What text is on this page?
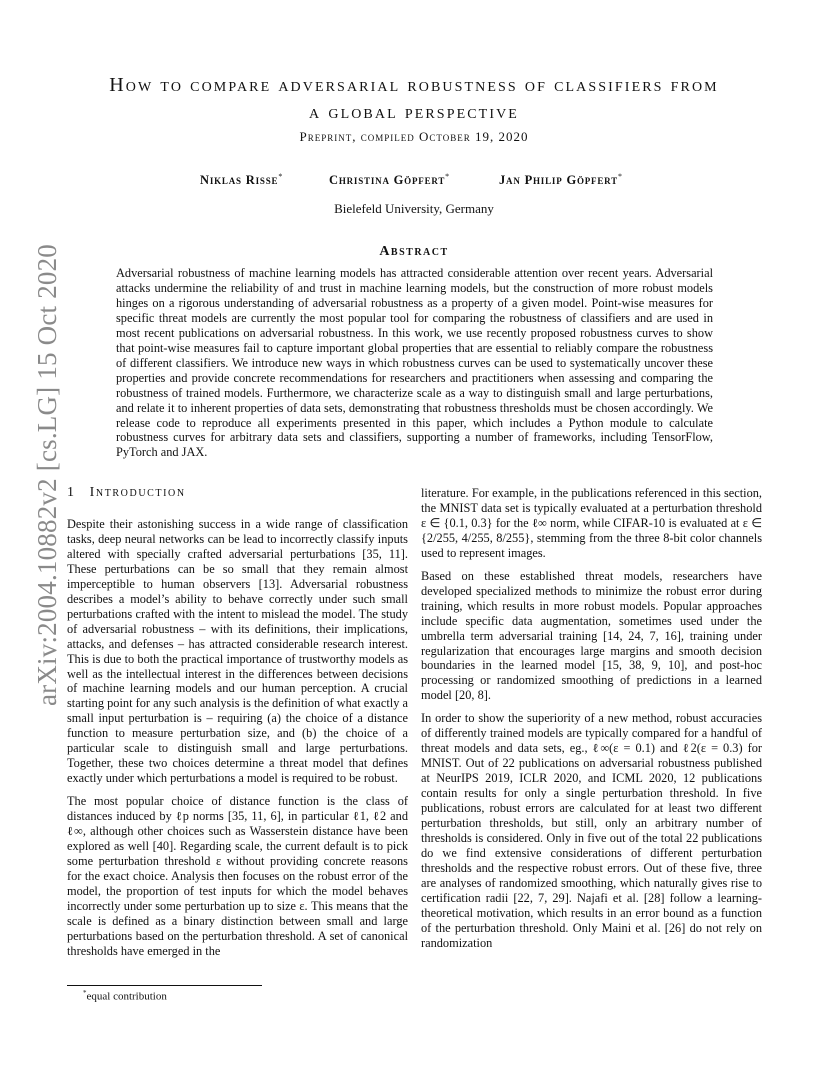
arXiv:2004.10882v2 [cs.LG] 15 Oct 2020
How to compare adversarial robustness of classifiers from
a global perspective
Preprint, compiled October 19, 2020
Niklas Risse*	Christina Göpfert*	Jan Philip Göpfert*
Bielefeld University, Germany
Abstract
Adversarial robustness of machine learning models has attracted considerable attention over recent years. Adversarial attacks undermine the reliability of and trust in machine learning models, but the construction of more robust models hinges on a rigorous understanding of adversarial robustness as a property of a given model. Point-wise measures for specific threat models are currently the most popular tool for comparing the robustness of classifiers and are used in most recent publications on adversarial robustness. In this work, we use recently proposed robustness curves to show that point-wise measures fail to capture important global properties that are essential to reliably compare the robustness of different classifiers. We introduce new ways in which robustness curves can be used to systematically uncover these properties and provide concrete recommendations for researchers and practitioners when assessing and comparing the robustness of trained models. Furthermore, we characterize scale as a way to distinguish small and large perturbations, and relate it to inherent properties of data sets, demonstrating that robustness thresholds must be chosen accordingly. We release code to reproduce all experiments presented in this paper, which includes a Python module to calculate robustness curves for arbitrary data sets and classifiers, supporting a number of frameworks, including TensorFlow, PyTorch and JAX.
1 Introduction

Despite their astonishing success in a wide range of classification tasks, deep neural networks can be lead to incorrectly classify inputs altered with specially crafted adversarial perturbations [35, 11]. These perturbations can be so small that they remain almost imperceptible to human observers [13]. Adversarial robustness describes a model’s ability to behave correctly under such small perturbations crafted with the intent to mislead the model. The study of adversarial robustness – with its definitions, their implications, attacks, and defenses – has attracted considerable research interest. This is due to both the practical importance of trustworthy models as well as the intellectual interest in the differences between decisions of machine learning models and our human perception. A crucial starting point for any such analysis is the definition of what exactly a small input perturbation is – requiring (a) the choice of a distance function to measure perturbation size, and (b) the choice of a particular scale to distinguish small and large perturbations. Together, these two choices determine a threat model that defines exactly under which perturbations a model is required to be robust.

The most popular choice of distance function is the class of distances induced by ℓp norms [35, 11, 6], in particular ℓ1, ℓ2 and ℓ∞, although other choices such as Wasserstein distance have been explored as well [40]. Regarding scale, the current default is to pick some perturbation threshold ε without providing concrete reasons for the exact choice. Analysis then focuses on the robust error of the model, the proportion of test inputs for which the model behaves incorrectly under some perturbation up to size ε. This means that the scale is defined as a binary distinction between small and large perturbations based on the perturbation threshold. A set of canonical thresholds have emerged in the

literature. For example, in the publications referenced in this section, the MNIST data set is typically evaluated at a perturbation threshold ε ∈ {0.1, 0.3} for the ℓ∞ norm, while CIFAR-10 is evaluated at ε ∈ {2/255, 4/255, 8/255}, stemming from the three 8-bit color channels used to represent images.

Based on these established threat models, researchers have developed specialized methods to minimize the robust error during training, which results in more robust models. Popular approaches include specific data augmentation, sometimes used under the umbrella term adversarial training [14, 24, 7, 16], training under regularization that encourages large margins and smooth decision boundaries in the learned model [15, 38, 9, 10], and post-hoc processing or randomized smoothing of predictions in a learned model [20, 8].

In order to show the superiority of a new method, robust accuracies of differently trained models are typically compared for a handful of threat models and data sets, eg., ℓ∞(ε = 0.1) and ℓ2(ε = 0.3) for MNIST. Out of 22 publications on adversarial robustness published at NeurIPS 2019, ICLR 2020, and ICML 2020, 12 publications contain results for only a single perturbation threshold. In five publications, robust errors are calculated for at least two different perturbation thresholds, but still, only an arbitrary number of thresholds is considered. Only in five out of the total 22 publications do we find extensive considerations of different perturbation thresholds and the respective robust errors. Out of these five, three are analyses of randomized smoothing, which naturally gives rise to certification radii [22, 7, 29]. Najafi et al. [28] follow a learning-theoretical motivation, which results in an error bound as a function of the perturbation threshold. Only Maini et al. [26] do not rely on randomization

*equal contribution
